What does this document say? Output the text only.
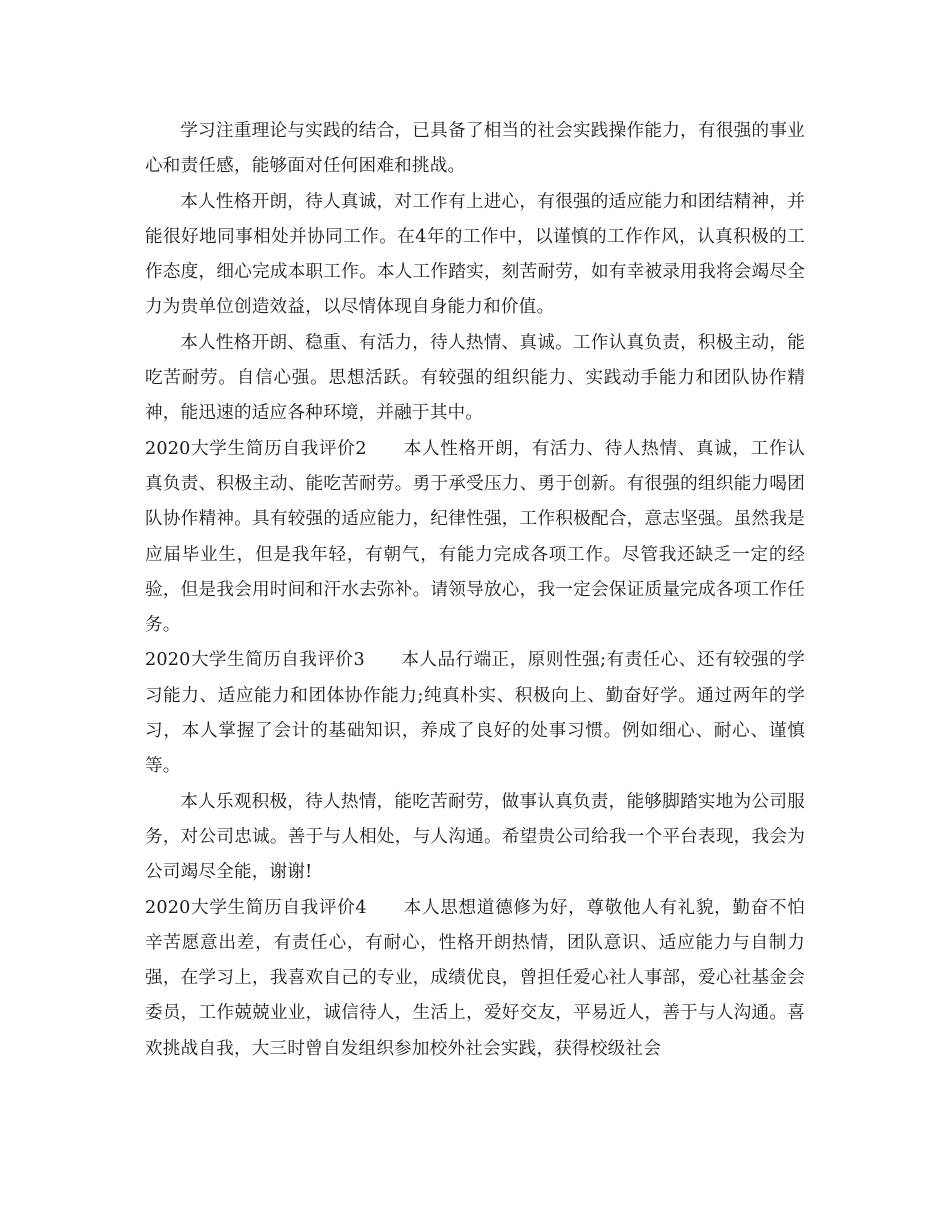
学习注重理论与实践的结合，已具备了相当的社会实践操作能力，有很强的事业心和责任感，能够面对任何困难和挑战。

本人性格开朗，待人真诚，对工作有上进心，有很强的适应能力和团结精神，并能很好地同事相处并协同工作。在4年的工作中，以谨慎的工作作风，认真积极的工作态度，细心完成本职工作。本人工作踏实，刻苦耐劳，如有幸被录用我将会竭尽全力为贵单位创造效益，以尽情体现自身能力和价值。

本人性格开朗、稳重、有活力，待人热情、真诚。工作认真负责，积极主动，能吃苦耐劳。自信心强。思想活跃。有较强的组织能力、实践动手能力和团队协作精神，能迅速的适应各种环境，并融于其中。

2020大学生简历自我评价2　　本人性格开朗，有活力、待人热情、真诚，工作认真负责、积极主动、能吃苦耐劳。勇于承受压力、勇于创新。有很强的组织能力喝团队协作精神。具有较强的适应能力，纪律性强，工作积极配合，意志坚强。虽然我是应届毕业生，但是我年轻，有朝气，有能力完成各项工作。尽管我还缺乏一定的经验，但是我会用时间和汗水去弥补。请领导放心，我一定会保证质量完成各项工作任务。

2020大学生简历自我评价3　　本人品行端正，原则性强;有责任心、还有较强的学习能力、适应能力和团体协作能力;纯真朴实、积极向上、勤奋好学。通过两年的学习，本人掌握了会计的基础知识，养成了良好的处事习惯。例如细心、耐心、谨慎等。

本人乐观积极，待人热情，能吃苦耐劳，做事认真负责，能够脚踏实地为公司服务，对公司忠诚。善于与人相处，与人沟通。希望贵公司给我一个平台表现，我会为公司竭尽全能，谢谢!

2020大学生简历自我评价4　　本人思想道德修为好，尊敬他人有礼貌，勤奋不怕辛苦愿意出差，有责任心，有耐心，性格开朗热情，团队意识、适应能力与自制力强，在学习上，我喜欢自己的专业，成绩优良，曾担任爱心社人事部，爱心社基金会委员，工作兢兢业业，诚信待人，生活上，爱好交友，平易近人，善于与人沟通。喜欢挑战自我，大三时曾自发组织参加校外社会实践，获得校级社会
